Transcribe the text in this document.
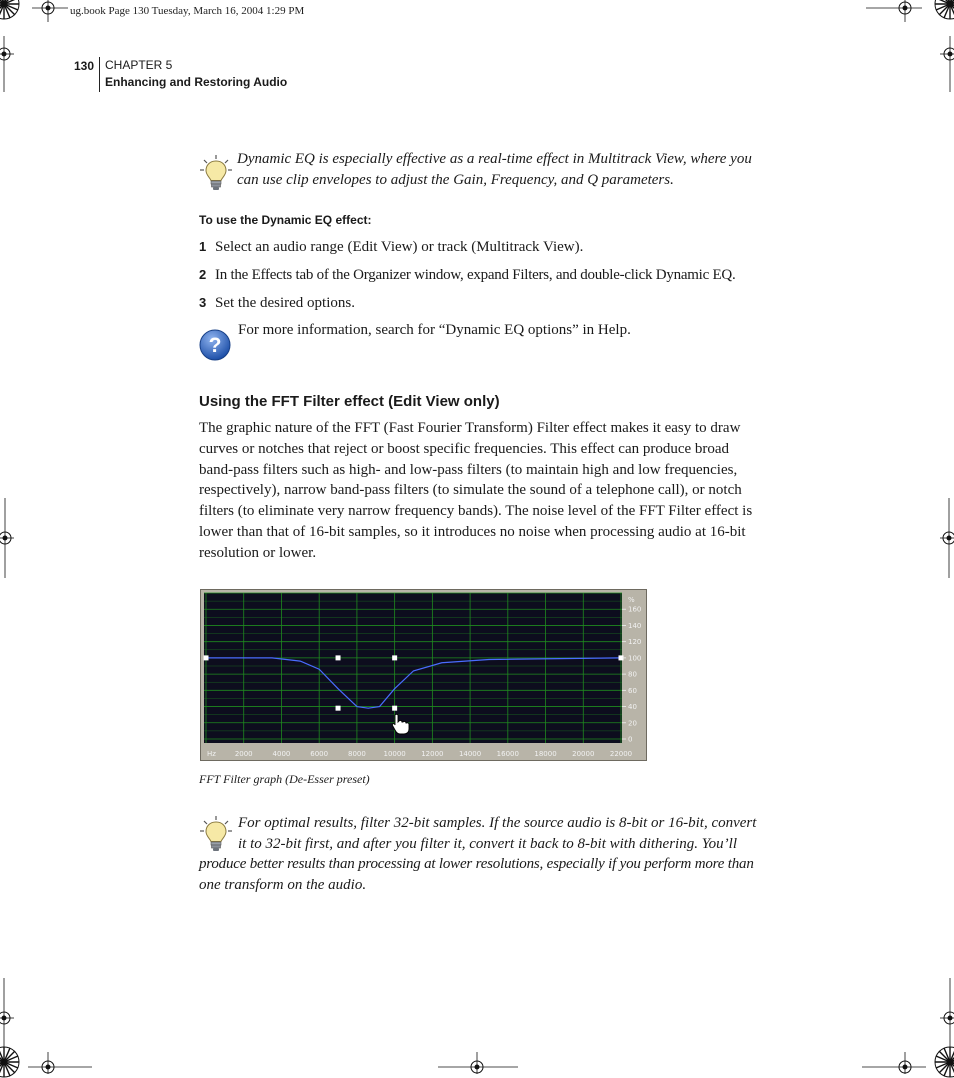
ug.book Page 130 Tuesday, March 16, 2004 1:29 PM
130 CHAPTER 5
Enhancing and Restoring Audio
Dynamic EQ is especially effective as a real-time effect in Multitrack View, where you
can use clip envelopes to adjust the Gain, Frequency, and Q parameters.
To use the Dynamic EQ effect:
1 Select an audio range (Edit View) or track (Multitrack View).
2 In the Effects tab of the Organizer window, expand Filters, and double-click Dynamic EQ.
3 Set the desired options.
?
For more information, search for “Dynamic EQ options” in Help.
Using the FFT Filter effect (Edit View only)
The graphic nature of the FFT (Fast Fourier Transform) Filter effect makes it easy to draw curves or notches that reject or boost specific frequencies. This effect can produce broad band-pass filters such as high- and low-pass filters (to maintain high and low frequencies, respectively), narrow band-pass filters (to simulate the sound of a telephone call), or notch filters (to eliminate very narrow frequency bands). The noise level of the FFT Filter effect is lower than that of 16-bit samples, so it introduces no noise when processing audio at 16-bit resolution or lower.
2000	4000	6000	8000	10000 12000 14000 16000 18000 20000 22000
160
140
120
100
80
60
40
20
0
Hz
%
FFT Filter graph (De-Esser preset)
For optimal results, filter 32-bit samples. If the source audio is 8-bit or 16-bit, convert
it to 32-bit first, and after you filter it, convert it back to 8-bit with dithering. You’ll
produce better results than processing at lower resolutions, especially if you perform more than
one transform on the audio.
